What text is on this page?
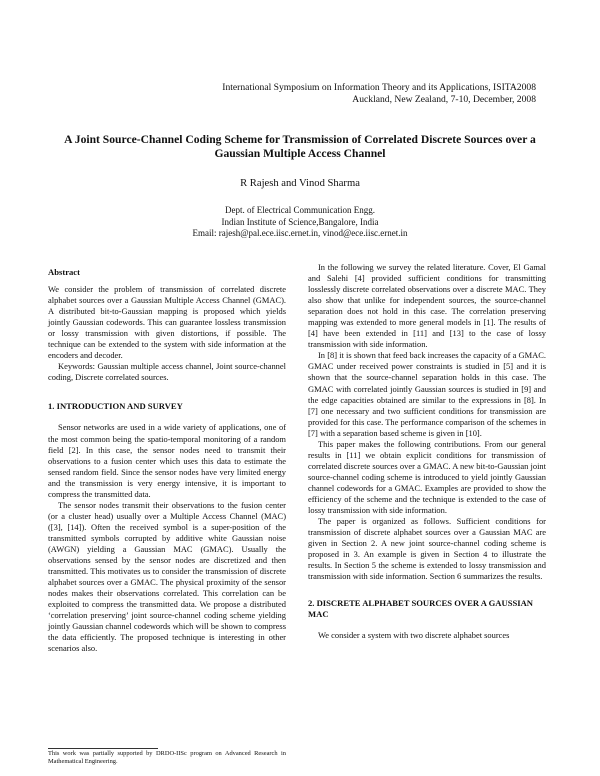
International Symposium on Information Theory and its Applications, ISITA2008
Auckland, New Zealand, 7-10, December, 2008
A Joint Source-Channel Coding Scheme for Transmission of Correlated Discrete Sources over a Gaussian Multiple Access Channel
R Rajesh and Vinod Sharma
Dept. of Electrical Communication Engg.
Indian Institute of Science,Bangalore, India
Email: rajesh@pal.ece.iisc.ernet.in, vinod@ece.iisc.ernet.in
Abstract

We consider the problem of transmission of correlated discrete alphabet sources over a Gaussian Multiple Access Channel (GMAC). A distributed bit-to-Gaussian mapping is proposed which yields jointly Gaussian codewords. This can guarantee lossless transmission or lossy transmission with given distortions, if possible. The technique can be extended to the system with side information at the encoders and decoder.

Keywords: Gaussian multiple access channel, Joint source-channel coding, Discrete correlated sources.

1. INTRODUCTION AND SURVEY

Sensor networks are used in a wide variety of applications, one of the most common being the spatio-temporal monitoring of a random field [2]. In this case, the sensor nodes need to transmit their observations to a fusion center which uses this data to estimate the sensed random field. Since the sensor nodes have very limited energy and the transmission is very energy intensive, it is important to compress the transmitted data.

The sensor nodes transmit their observations to the fusion center (or a cluster head) usually over a Multiple Access Channel (MAC) ([3], [14]). Often the received symbol is a super-position of the transmitted symbols corrupted by additive white Gaussian noise (AWGN) yielding a Gaussian MAC (GMAC). Usually the observations sensed by the sensor nodes are discretized and then transmitted. This motivates us to consider the transmission of discrete alphabet sources over a GMAC. The physical proximity of the sensor nodes makes their observations correlated. This correlation can be exploited to compress the transmitted data. We propose a distributed ‘correlation preserving’ joint source-channel coding scheme yielding jointly Gaussian channel codewords which will be shown to compress the data efficiently. The proposed technique is interesting in other scenarios also.

In the following we survey the related literature. Cover, El Gamal and Salehi [4] provided sufficient conditions for transmitting losslessly discrete correlated observations over a discrete MAC. They also show that unlike for independent sources, the source-channel separation does not hold in this case. The correlation preserving mapping was extended to more general models in [1]. The results of [4] have been extended in [11] and [13] to the case of lossy transmission with side information.

In [8] it is shown that feed back increases the capacity of a GMAC. GMAC under received power constraints is studied in [5] and it is shown that the source-channel separation holds in this case. The GMAC with correlated jointly Gaussian sources is studied in [9] and the edge capacities obtained are similar to the expressions in [8]. In [7] one necessary and two sufficient conditions for transmission are provided for this case. The performance comparison of the schemes in [7] with a separation based scheme is given in [10].

This paper makes the following contributions. From our general results in [11] we obtain explicit conditions for transmission of correlated discrete sources over a GMAC. A new bit-to-Gaussian joint source-channel coding scheme is introduced to yield jointly Gaussian channel codewords for a GMAC. Examples are provided to show the efficiency of the scheme and the technique is extended to the case of lossy transmission with side information.

The paper is organized as follows. Sufficient conditions for transmission of discrete alphabet sources over a Gaussian MAC are given in Section 2. A new joint source-channel coding scheme is proposed in 3. An example is given in Section 4 to illustrate the results. In Section 5 the scheme is extended to lossy transmission and transmission with side information. Section 6 summarizes the results.

2. DISCRETE ALPHABET SOURCES OVER A GAUSSIAN MAC

We consider a system with two discrete alphabet sources

This work was partially supported by DRDO-IISc program on Advanced Research in Mathematical Engineering.
